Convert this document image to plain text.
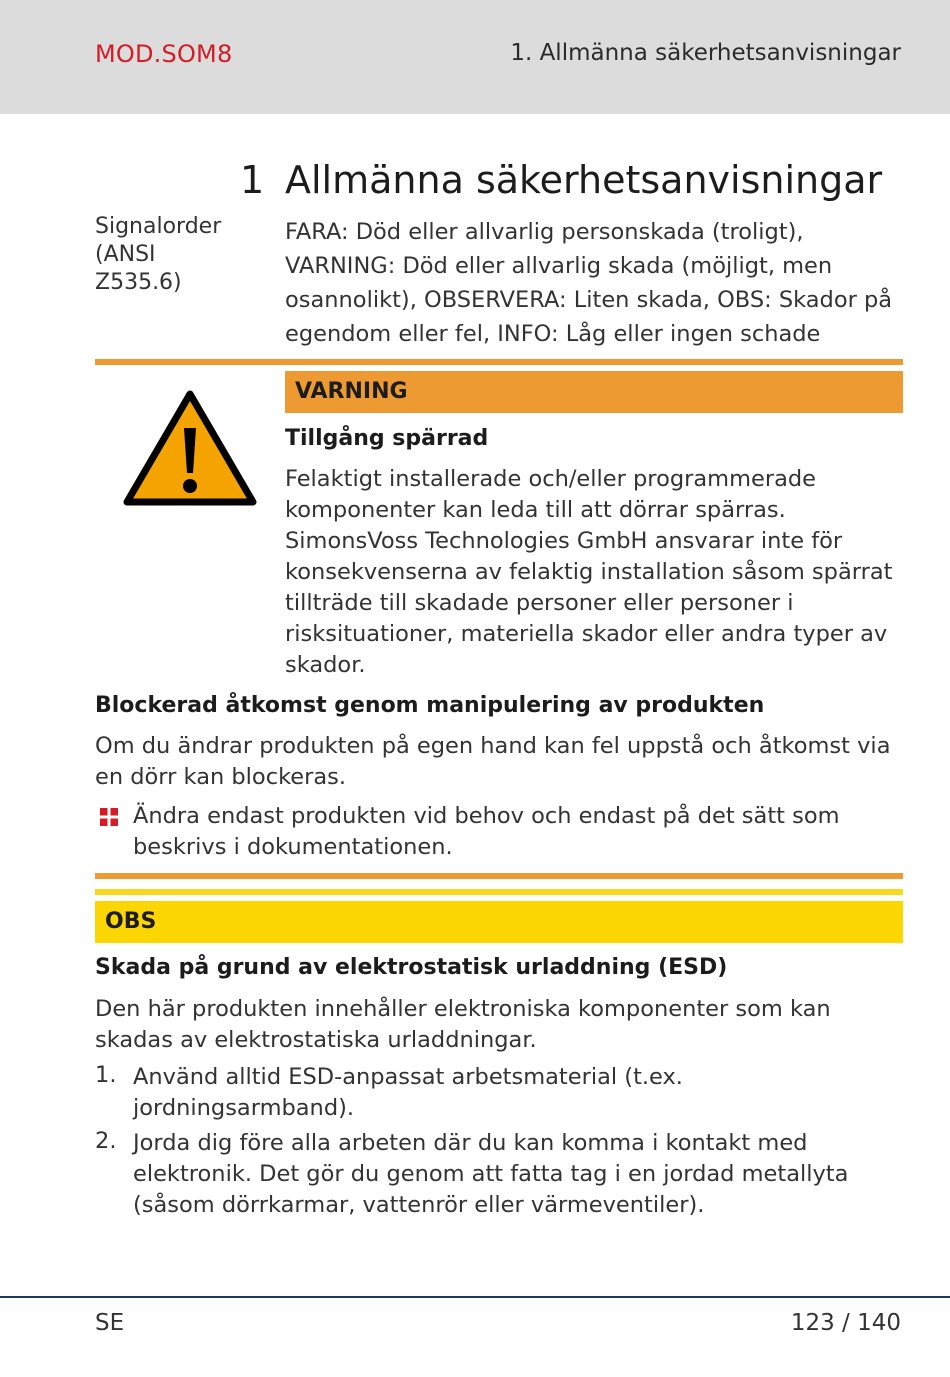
MOD.SOM8	1. Allmänna säkerhetsanvisningar
1 Allmänna säkerhetsanvisningar
Signalorder (ANSI Z535.6)
FARA: Död eller allvarlig personskada (troligt), VARNING: Död eller allvarlig skada (möjligt, men osannolikt), OBSERVERA: Liten skada, OBS: Skador på egendom eller fel, INFO: Låg eller ingen schade
VARNING
Tillgång spärrad
Felaktigt installerade och/eller programmerade komponenter kan leda till att dörrar spärras. SimonsVoss Technologies GmbH ansvarar inte för konsekvenserna av felaktig installation såsom spärrat tillträde till skadade personer eller personer i risksituationer, materiella skador eller andra typer av skador.
Blockerad åtkomst genom manipulering av produkten
Om du ändrar produkten på egen hand kan fel uppstå och åtkomst via en dörr kan blockeras.
Ändra endast produkten vid behov och endast på det sätt som beskrivs i dokumentationen.
OBS
Skada på grund av elektrostatisk urladdning (ESD)
Den här produkten innehåller elektroniska komponenter som kan skadas av elektrostatiska urladdningar.
1. Använd alltid ESD-anpassat arbetsmaterial (t.ex. jordningsarmband).
2. Jorda dig före alla arbeten där du kan komma i kontakt med elektronik. Det gör du genom att fatta tag i en jordad metallyta (såsom dörrkarmar, vattenrör eller värmeventiler).
SE	123 / 140
